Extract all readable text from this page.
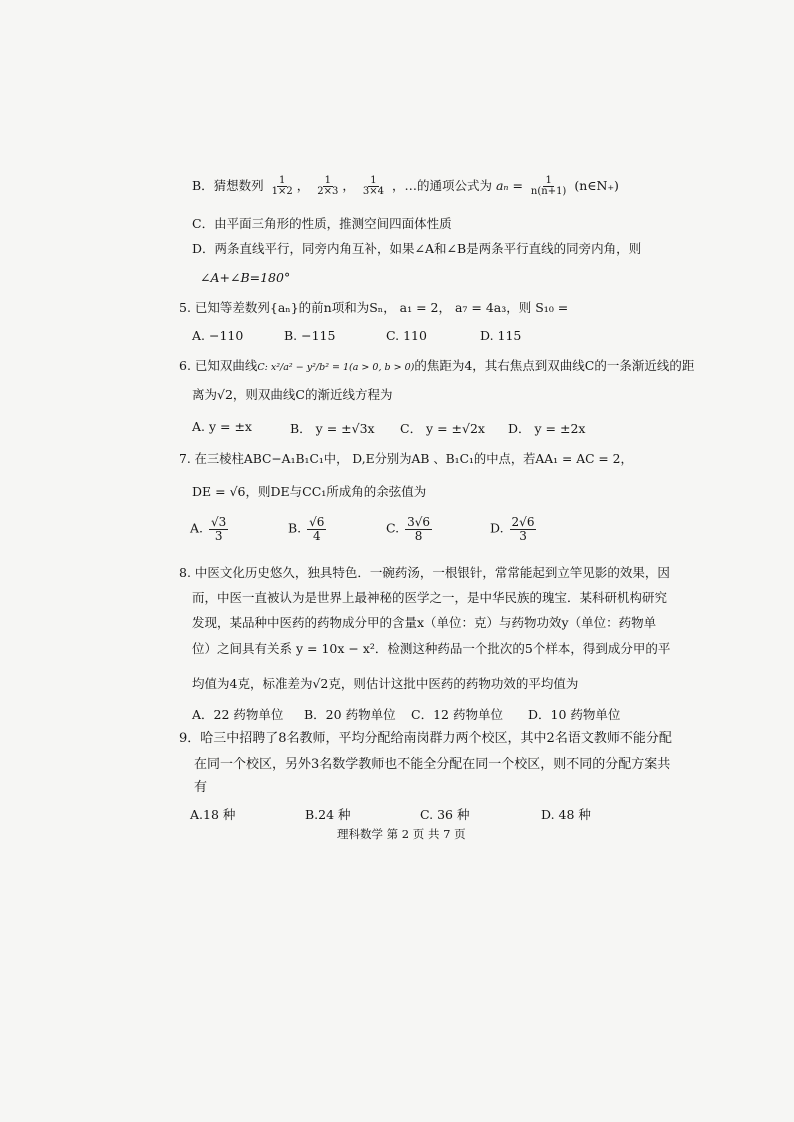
B．猜想数列 $\frac{1}{1\times 2}$ ， $\frac{1}{2\times 3}$ ， $\frac{1}{3\times 4}$ ，…的通项公式为 $a_n = \frac{1}{n(n+1)}$ (n∈N₊)
C．由平面三角形的性质，推测空间四面体性质
D．两条直线平行，同旁内角互补，如果∠A和∠B是两条平行直线的同旁内角，则
∠A+∠B=180°
5. 已知等差数列{aₙ}的前n项和为Sₙ， a₁ = 2， a₇ = 4a₃，则 S₁₀ =
A. −110	B. −115	C. 110	D. 115
6. 已知双曲线C: x²/a² − y²/b² = 1(a > 0, b > 0)的焦距为4，其右焦点到双曲线C的一条渐近线的距
离为√2，则双曲线C的渐近线方程为
A. y = ±x	B． y = ±√3x C． y = ±√2x D． y = ±2x
7. 在三棱柱ABC−A₁B₁C₁中， D,E分别为AB 、B₁C₁的中点，若AA₁ = AC = 2，
DE = √6，则DE与CC₁所成角的余弦值为
A. $\frac{√3}{3}$	B. $\frac{√6}{4}$	C. $\frac{3√6}{8}$	D. $\frac{2√6}{3}$
8. 中医文化历史悠久，独具特色．一碗药汤，一根银针，常常能起到立竿见影的效果，因
而，中医一直被认为是世界上最神秘的医学之一，是中华民族的瑰宝．某科研机构研究
发现，某品种中医药的药物成分甲的含量x（单位：克）与药物功效y（单位：药物单
位）之间具有关系 y = 10x − x²．检测这种药品一个批次的5个样本，得到成分甲的平
均值为4克，标准差为√2克，则估计这批中医药的药物功效的平均值为
A．22 药物单位 B．20 药物单位 C．12 药物单位 D．10 药物单位
9．哈三中招聘了8名教师，平均分配给南岗群力两个校区，其中2名语文教师不能分配
在同一个校区，另外3名数学教师也不能全分配在同一个校区，则不同的分配方案共
有
A.18 种	B.24 种	C. 36 种	D. 48 种
理科数学 第 2 页 共 7 页
